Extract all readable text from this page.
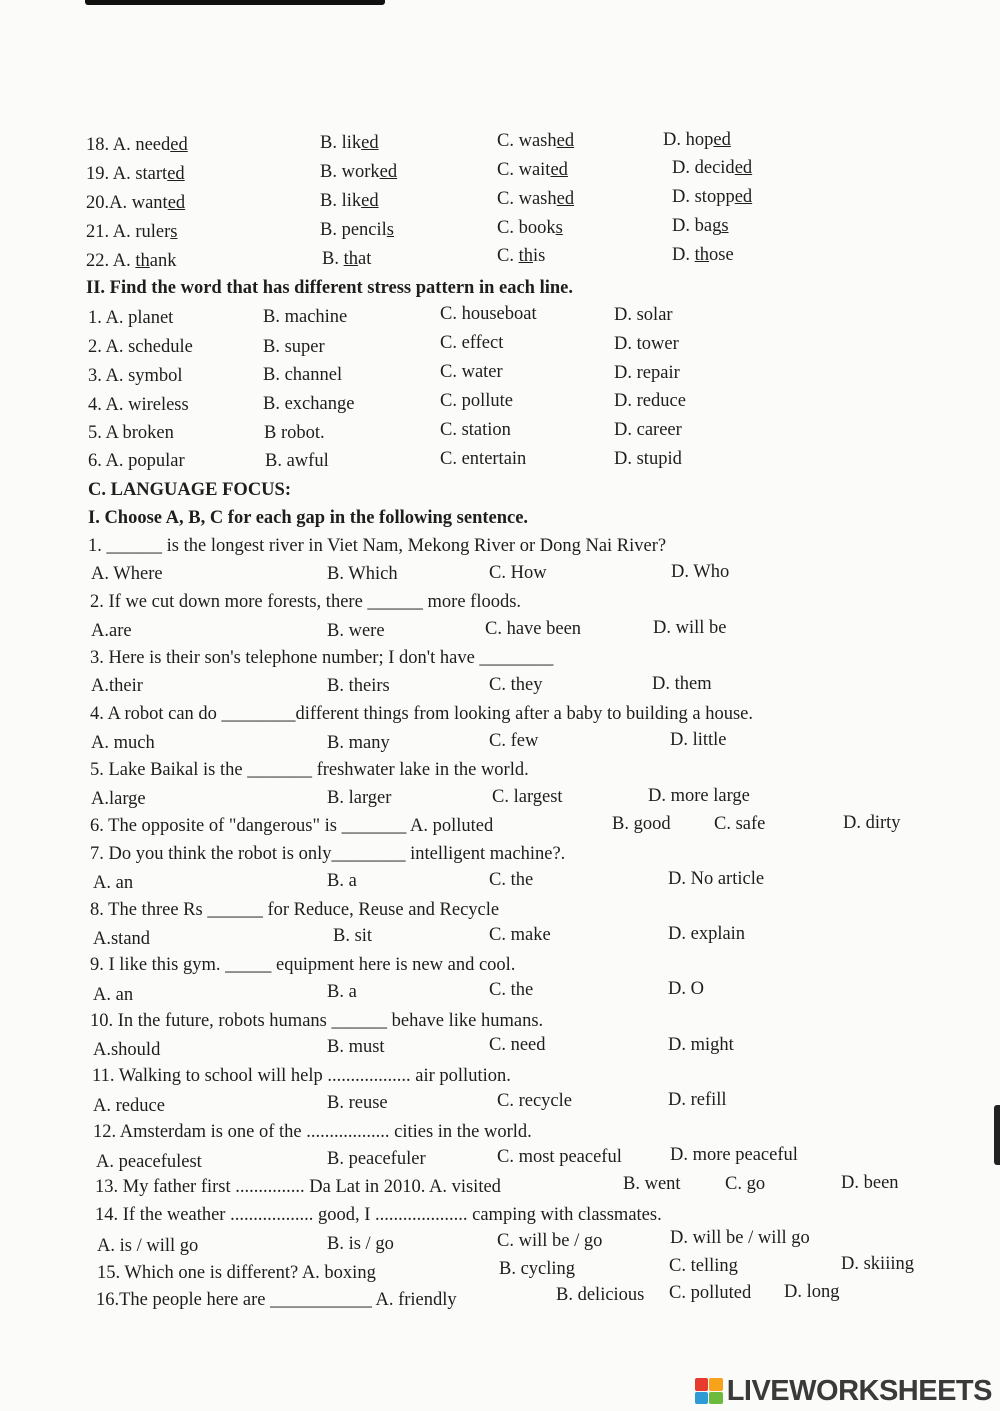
18. A. needed	B. liked	C. washed	D. hoped
19. A. started	B. worked	C. waited	D. decided
20.A. wanted	B. liked	C. washed	D. stopped
21. A. rulers	B. pencils	C. books	D. bags
22. A. thank	B. that	C. this	D. those
II. Find the word that has different stress pattern in each line.
1. A. planet	B. machine	C. houseboat	D. solar
2. A. schedule	B. super	C. effect	D. tower
3. A. symbol	B. channel	C. water	D. repair
4. A. wireless	B. exchange	C. pollute	D. reduce
5. A broken	B robot.	C. station	D. career
6. A. popular	B. awful	C. entertain	D. stupid
C. LANGUAGE FOCUS:
I. Choose A, B, C for each gap in the following sentence.
1. ______ is the longest river in Viet Nam, Mekong River or Dong Nai River?
A. Where	B. Which	C. How	D. Who
2. If we cut down more forests, there ______ more floods.
A.are	B. were	C. have been	D. will be
3. Here is their son's telephone number; I don't have ________
A.their	B. theirs	C. they	D. them
4. A robot can do ________different things from looking after a baby to building a house.
A. much	B. many	C. few	D. little
5. Lake Baikal is the _______ freshwater lake in the world.
A.large	B. larger	C. largest	D. more large
6. The opposite of "dangerous" is _______ A. polluted	B. good C. safe	D. dirty
7. Do you think the robot is only________ intelligent machine?.
A. an	B. a	C. the	D. No article
8. The three Rs ______ for Reduce, Reuse and Recycle
A.stand	B. sit	C. make	D. explain
9. I like this gym. _____ equipment here is new and cool.
A. an	B. a	C. the	D. O
10. In the future, robots humans ______ behave like humans.
A.should	B. must	C. need	D. might
11. Walking to school will help .................. air pollution.
A. reduce	B. reuse	C. recycle	D. refill
12. Amsterdam is one of the .................. cities in the world.
A. peacefulest	B. peacefuler	C. most peaceful	D. more peaceful
13. My father first ............... Da Lat in 2010. A. visited	B. went C. go	D. been
14. If the weather .................. good, I .................... camping with classmates.
A. is / will go	B. is / go	C. will be / go	D. will be / will go
15. Which one is different? A. boxing	B. cycling	C. telling	D. skiiing
16.The people here are ___________ A. friendly	B. delicious C. polluted D. long
LIVEWORKSHEETS
